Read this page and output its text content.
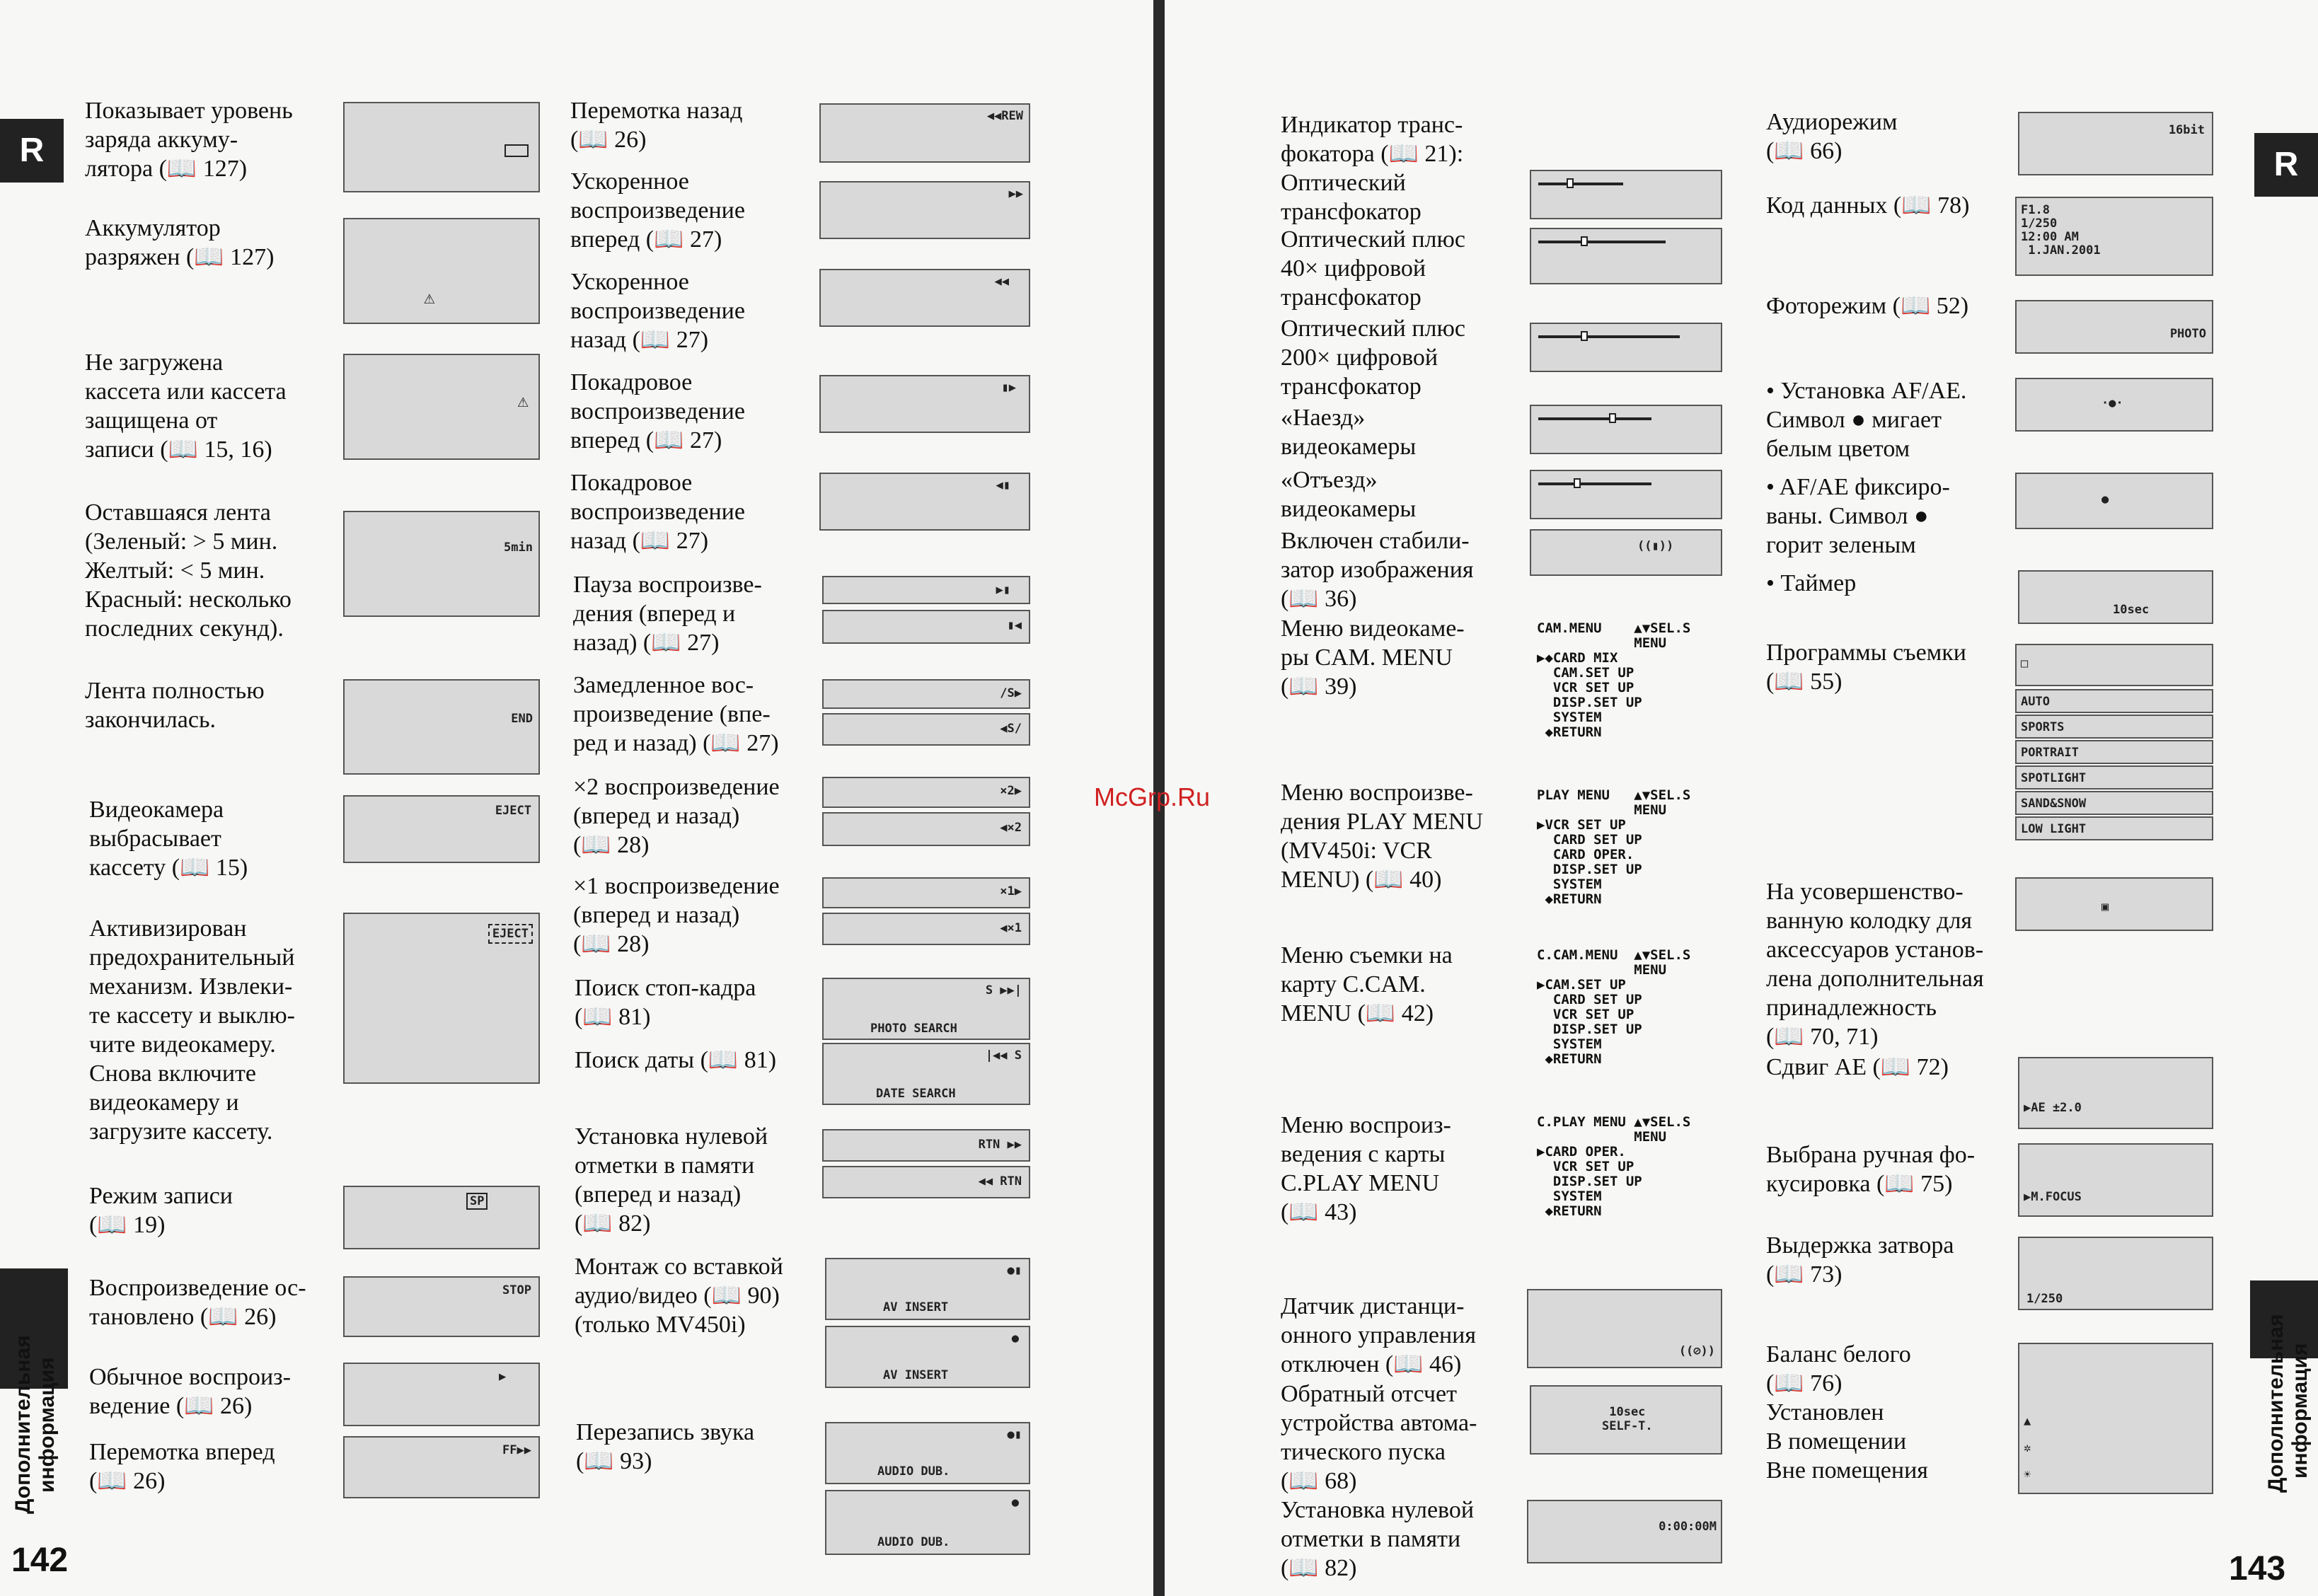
R
Дополнительная информация
142
R
Дополнительная информация
143
McGrp.Ru
Показывает уровень
заряда аккуму-
лятора (📖 127)
Аккумулятор
разряжен (📖 127)
⚠
Не загружена
кассета или кассета
защищена от
записи (📖 15, 16)
⚠
Оставшаяся лента
(Зеленый: > 5 мин.
Желтый: < 5 мин.
Красный: несколько
последних секунд).
5min
Лента полностью
закончилась.	END
Видеокамера
выбрасывает
кассету (📖 15)
EJECT
Активизирован
предохранительный
механизм. Извлеки-
те кассету и выклю-
чите видеокамеру.
Снова включите
видеокамеру и
загрузите кассету.
EJECT
Режим записи
(📖 19)
SP
Воспроизведение ос-
тановлено (📖 26)
STOP
Обычное воспроиз-
ведение (📖 26)
▶
Перемотка вперед
(📖 26)
FF▶▶
Перемотка назад
(📖 26)
◀◀REW
Ускоренное
воспроизведение
вперед (📖 27)
▶▶
Ускоренное
воспроизведение
назад (📖 27)
◀◀
Покадровое
воспроизведение
вперед (📖 27)
▮▶
Покадровое
воспроизведение
назад (📖 27)
◀▮
Пауза воспроизве-
дения (вперед и
назад) (📖 27)
▶▮
▮◀
Замедленное вос-
произведение (впе-
ред и назад) (📖 27)
/S▶
◀S/
×2 воспроизведение
(вперед и назад)
(📖 28)
×2▶
◀×2
×1 воспроизведение
(вперед и назад)
(📖 28)
×1▶
◀×1
Поиск стоп-кадра
(📖 81)
S ▶▶|
PHOTO SEARCH
Поиск даты (📖 81)	|◀◀ S
DATE SEARCH
Установка нулевой
отметки в памяти
(вперед и назад)
(📖 82)
RTN ▶▶
◀◀ RTN
Монтаж со вставкой
аудио/видео (📖 90)
(только MV450i)
●▮
AV INSERT
●
AV INSERT
Перезапись звука
(📖 93)
●▮
AUDIO DUB.
●
AUDIO DUB.
Индикатор транс-
фокатора (📖 21):
Оптический
трансфокатор
Оптический плюс
40× цифровой
трансфокатор
Оптический плюс
200× цифровой
трансфокатор
«Наезд»
видеокамеры
«Отъезд»
видеокамеры
Включен стабили-
затор изображения
(📖 36)
((▮))
Меню видеокаме-
ры CAM. MENU
(📖 39)
CAM.MENU    ▲▼SEL.S
MENU
▶◆CARD MIX
CAM.SET UP
VCR SET UP
DISP.SET UP
SYSTEM
◆RETURN
Меню воспроизве-
дения PLAY MENU
(MV450i: VCR
MENU) (📖 40)
PLAY MENU   ▲▼SEL.S
MENU
▶VCR SET UP
CARD SET UP
CARD OPER.
DISP.SET UP
SYSTEM
◆RETURN
Меню съемки на
карту C.CAM.
MENU (📖 42)
C.CAM.MENU  ▲▼SEL.S
MENU
▶CAM.SET UP
CARD SET UP
VCR SET UP
DISP.SET UP
SYSTEM
◆RETURN
Меню воспроиз-
ведения с карты
C.PLAY MENU
(📖 43)
C.PLAY MENU ▲▼SEL.S
MENU
▶CARD OPER.
VCR SET UP
DISP.SET UP
SYSTEM
◆RETURN
Датчик дистанци-
онного управления
отключен (📖 46)	((⊘))
Обратный отсчет
устройства автома-
тического пуска
(📖 68)
10sec
SELF-T.
Установка нулевой
отметки в памяти
(📖 82)
0:00:00M
Аудиорежим
(📖 66)
16bit
Код данных (📖 78)	F1.8
1/250
12:00 AM
1.JAN.2001
Фоторежим (📖 52)
PHOTO
• Установка AF/AE.
Символ ● мигает
белым цветом
·●·
• AF/AE фиксиро-
ваны. Символ ●
горит зеленым
●
• Таймер
10sec
Программы съемки
(📖 55)
□
AUTO
SPORTS
PORTRAIT
SPOTLIGHT
SAND&SNOW
LOW LIGHT
На усовершенство-
ванную колодку для
аксессуаров установ-
лена дополнительная
принадлежность
(📖 70, 71)
▣
Сдвиг AE (📖 72)
▶AE ±2.0
Выбрана ручная фо-
кусировка (📖 75)	▶M.FOCUS
Выдержка затвора
(📖 73)
1/250
Баланс белого
(📖 76)
Установлен
В помещении
Вне помещения
▲
✲
☀
